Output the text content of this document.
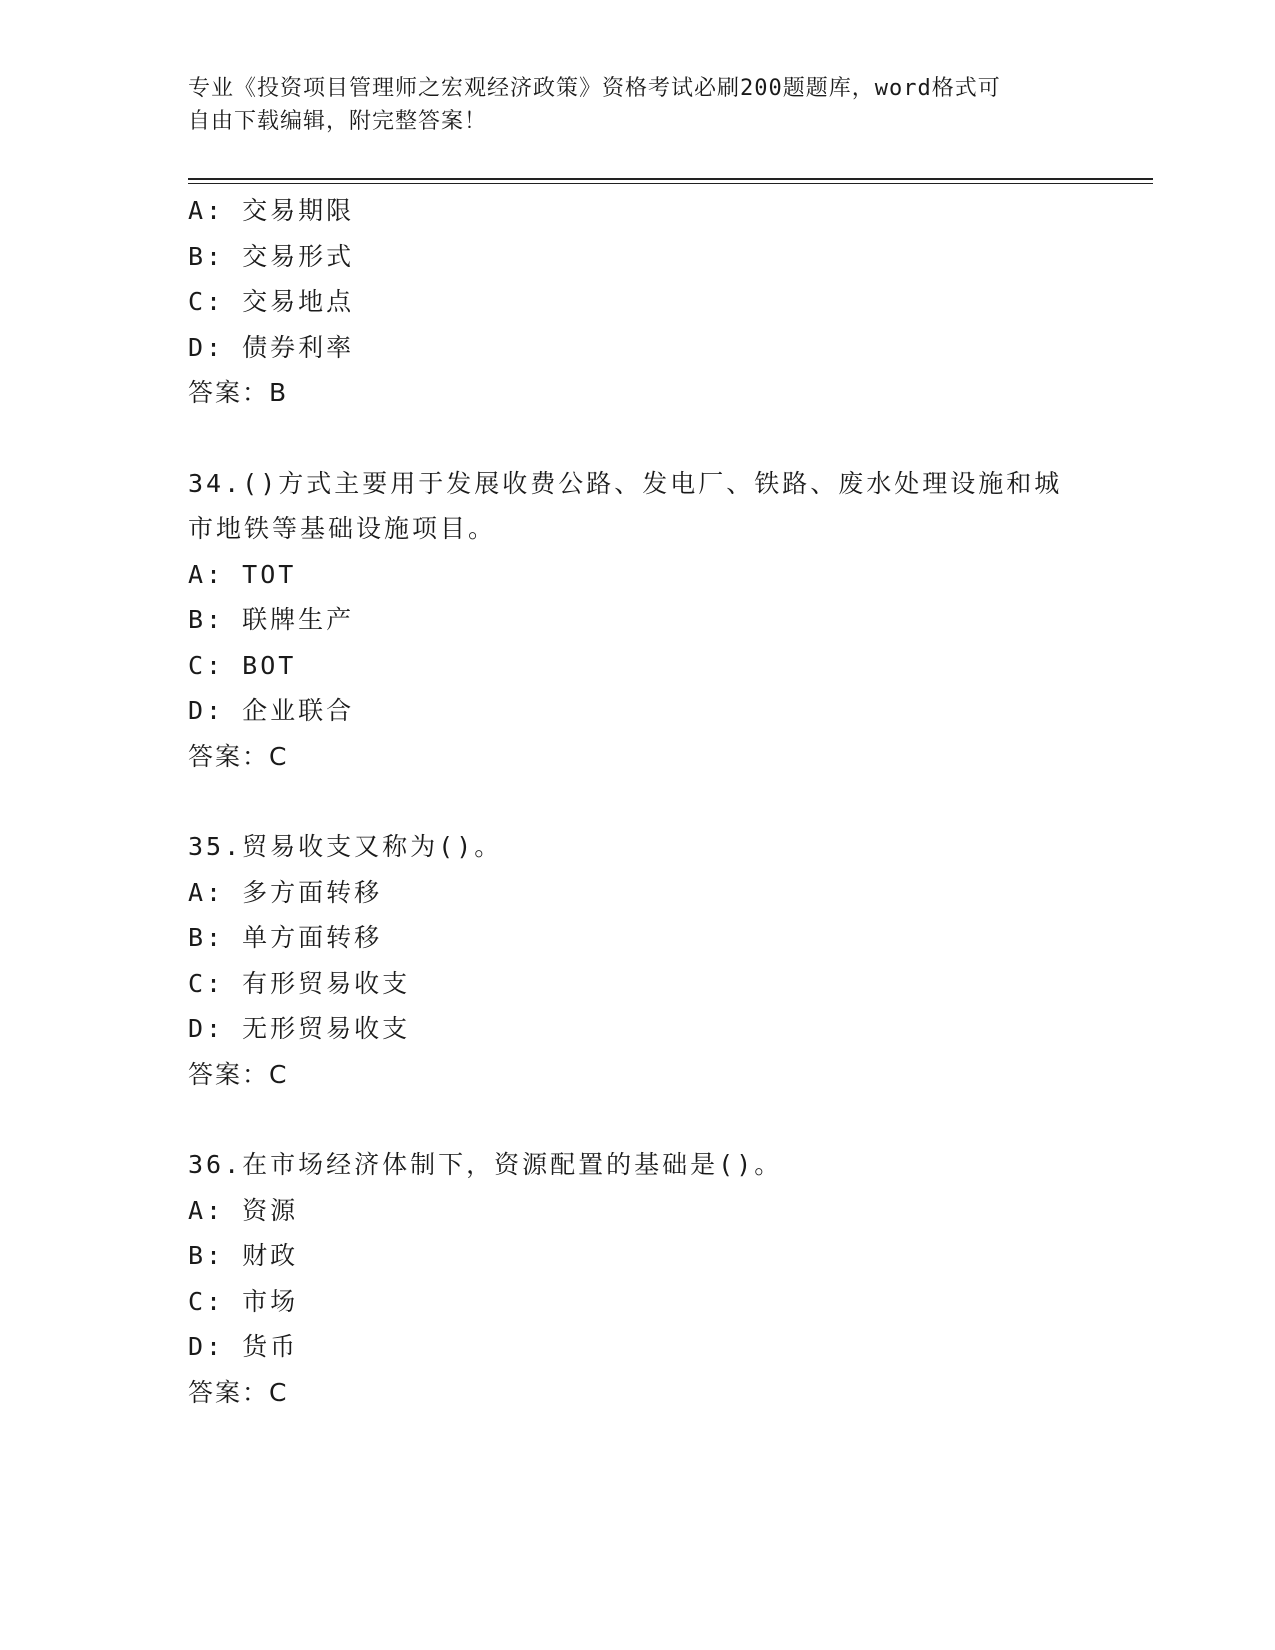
专业《投资项目管理师之宏观经济政策》资格考试必刷200题题库，word格式可
自由下载编辑，附完整答案！
A: 交易期限
B: 交易形式
C: 交易地点
D: 债券利率
答案：B
34.()方式主要用于发展收费公路、发电厂、铁路、废水处理设施和城
市地铁等基础设施项目。
A: TOT
B: 联牌生产
C: BOT
D: 企业联合
答案：C
35.贸易收支又称为()。
A: 多方面转移
B: 单方面转移
C: 有形贸易收支
D: 无形贸易收支
答案：C
36.在市场经济体制下，资源配置的基础是()。
A: 资源
B: 财政
C: 市场
D: 货币
答案：C
